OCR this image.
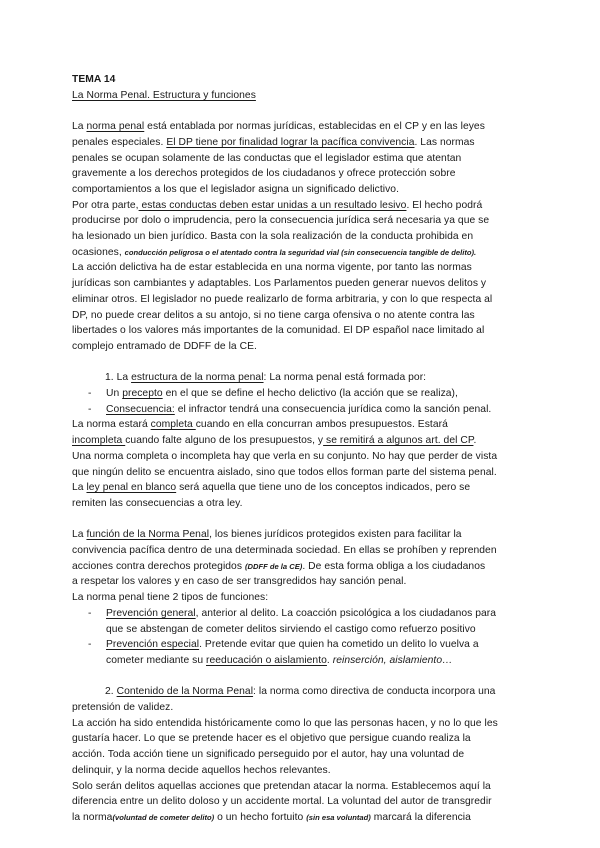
TEMA 14
La Norma Penal. Estructura y funciones
La norma penal está entablada por normas jurídicas, establecidas en el CP y en las leyes
penales especiales. El DP tiene por finalidad lograr la pacífica convivencia. Las normas
penales se ocupan solamente de las conductas que el legislador estima que atentan
gravemente a los derechos protegidos de los ciudadanos y ofrece protección sobre
comportamientos a los que el legislador asigna un significado delictivo.
Por otra parte, estas conductas deben estar unidas a un resultado lesivo. El hecho podrá
producirse por dolo o imprudencia, pero la consecuencia jurídica será necesaria ya que se
ha lesionado un bien jurídico. Basta con la sola realización de la conducta prohibida en
ocasiones, conducción peligrosa o el atentado contra la seguridad vial (sin consecuencia tangible de delito).
La acción delictiva ha de estar establecida en una norma vigente, por tanto las normas
jurídicas son cambiantes y adaptables. Los Parlamentos pueden generar nuevos delitos y
eliminar otros. El legislador no puede realizarlo de forma arbitraria, y con lo que respecta al
DP, no puede crear delitos a su antojo, si no tiene carga ofensiva o no atente contra las
libertades o los valores más importantes de la comunidad. El DP español nace limitado al
complejo entramado de DDFF de la CE.
1. La estructura de la norma penal: La norma penal está formada por:
- Un precepto en el que se define el hecho delictivo (la acción que se realiza),
- Consecuencia: el infractor tendrá una consecuencia jurídica como la sanción penal.
La norma estará completa cuando en ella concurran ambos presupuestos. Estará
incompleta cuando falte alguno de los presupuestos, y se remitirá a algunos art. del CP.
Una norma completa o incompleta hay que verla en su conjunto. No hay que perder de vista
que ningún delito se encuentra aislado, sino que todos ellos forman parte del sistema penal.
La ley penal en blanco será aquella que tiene uno de los conceptos indicados, pero se
remiten las consecuencias a otra ley.
La función de la Norma Penal, los bienes jurídicos protegidos existen para facilitar la
convivencia pacífica dentro de una determinada sociedad. En ellas se prohíben y reprenden
acciones contra derechos protegidos (DDFF de la CE). De esta forma obliga a los ciudadanos
a respetar los valores y en caso de ser transgredidos hay sanción penal.
La norma penal tiene 2 tipos de funciones:
- Prevención general, anterior al delito. La coacción psicológica a los ciudadanos para
que se abstengan de cometer delitos sirviendo el castigo como refuerzo positivo
- Prevención especial. Pretende evitar que quien ha cometido un delito lo vuelva a
cometer mediante su reeducación o aislamiento. reinserción, aislamiento…
2. Contenido de la Norma Penal: la norma como directiva de conducta incorpora una
pretensión de validez.
La acción ha sido entendida históricamente como lo que las personas hacen, y no lo que les
gustaría hacer. Lo que se pretende hacer es el objetivo que persigue cuando realiza la
acción. Toda acción tiene un significado perseguido por el autor, hay una voluntad de
delinquir, y la norma decide aquellos hechos relevantes.
Solo serán delitos aquellas acciones que pretendan atacar la norma. Establecemos aquí la
diferencia entre un delito doloso y un accidente mortal. La voluntad del autor de transgredir
la norma(voluntad de cometer delito) o un hecho fortuito (sin esa voluntad) marcará la diferencia
